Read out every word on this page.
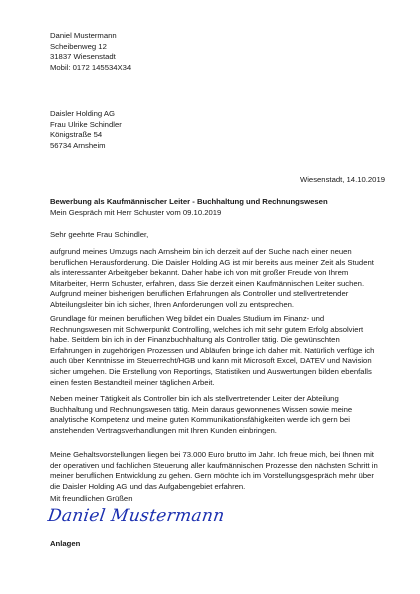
Daniel Mustermann
Scheibenweg 12
31837 Wiesenstadt
Mobil: 0172 145534X34
Daisler Holding AG
Frau Ulrike Schindler
Königstraße 54
56734 Arnsheim
Wiesenstadt, 14.10.2019
Bewerbung als Kaufmännischer Leiter - Buchhaltung und Rechnungswesen
Mein Gespräch mit Herr Schuster vom 09.10.2019
Sehr geehrte Frau Schindler,
aufgrund meines Umzugs nach Arnsheim bin ich derzeit auf der Suche nach einer neuen
beruflichen Herausforderung. Die Daisler Holding AG ist mir bereits aus meiner Zeit als Student
als interessanter Arbeitgeber bekannt. Daher habe ich von mit großer Freude von Ihrem
Mitarbeiter, Herrn Schuster, erfahren, dass Sie derzeit einen Kaufmännischen Leiter suchen.
Aufgrund meiner bisherigen beruflichen Erfahrungen als Controller und stellvertretender
Abteilungsleiter bin ich sicher, Ihren Anforderungen voll zu entsprechen.
Grundlage für meinen beruflichen Weg bildet ein Duales Studium im Finanz- und
Rechnungswesen mit Schwerpunkt Controlling, welches ich mit sehr gutem Erfolg absolviert
habe. Seitdem bin ich in der Finanzbuchhaltung als Controller tätig. Die gewünschten
Erfahrungen in zugehörigen Prozessen und Abläufen bringe ich daher mit. Natürlich verfüge ich
auch über Kenntnisse im Steuerrecht/HGB und kann mit Microsoft Excel, DATEV und Navision
sicher umgehen. Die Erstellung von Reportings, Statistiken und Auswertungen bilden ebenfalls
einen festen Bestandteil meiner täglichen Arbeit.
Neben meiner Tätigkeit als Controller bin ich als stellvertretender Leiter der Abteilung
Buchhaltung und Rechnungswesen tätig. Mein daraus gewonnenes Wissen sowie meine
analytische Kompetenz und meine guten Kommunikationsfähigkeiten werde ich gern bei
anstehenden Vertragsverhandlungen mit Ihren Kunden einbringen.
Meine Gehaltsvorstellungen liegen bei 73.000 Euro brutto im Jahr. Ich freue mich, bei Ihnen mit
der operativen und fachlichen Steuerung aller kaufmännischen Prozesse den nächsten Schritt in
meiner beruflichen Entwicklung zu gehen. Gern möchte ich im Vorstellungsgespräch mehr über
die Daisler Holding AG und das Aufgabengebiet erfahren.
Mit freundlichen Grüßen
Daniel Mustermann
Anlagen
